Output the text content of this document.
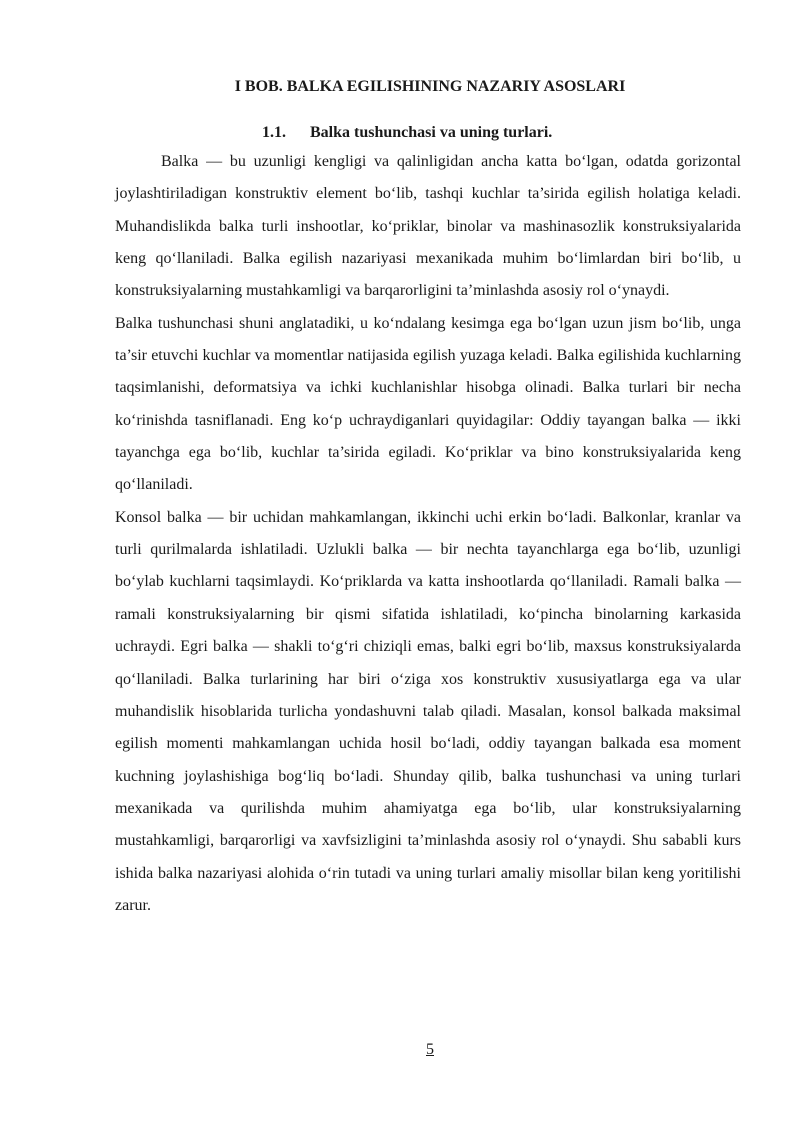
I BOB. BALKA EGILISHINING NAZARIY ASOSLARI
1.1. Balka tushunchasi va uning turlari.

Balka — bu uzunligi kengligi va qalinligidan ancha katta bo‘lgan, odatda gorizontal joylashtiriladigan konstruktiv element bo‘lib, tashqi kuchlar ta’sirida egilish holatiga keladi. Muhandislikda balka turli inshootlar, ko‘priklar, binolar va mashinasozlik konstruksiyalarida keng qo‘llaniladi. Balka egilish nazariyasi mexanikada muhim bo‘limlardan biri bo‘lib, u konstruksiyalarning mustahkamligi va barqarorligini ta’minlashda asosiy rol o‘ynaydi.

Balka tushunchasi shuni anglatadiki, u ko‘ndalang kesimga ega bo‘lgan uzun jism bo‘lib, unga ta’sir etuvchi kuchlar va momentlar natijasida egilish yuzaga keladi. Balka egilishida kuchlarning taqsimlanishi, deformatsiya va ichki kuchlanishlar hisobga olinadi. Balka turlari bir necha ko‘rinishda tasniflanadi. Eng ko‘p uchraydiganlari quyidagilar: Oddiy tayangan balka — ikki tayanchga ega bo‘lib, kuchlar ta’sirida egiladi. Ko‘priklar va bino konstruksiyalarida keng qo‘llaniladi.

Konsol balka — bir uchidan mahkamlangan, ikkinchi uchi erkin bo‘ladi. Balkonlar, kranlar va turli qurilmalarda ishlatiladi. Uzlukli balka — bir nechta tayanchlarga ega bo‘lib, uzunligi bo‘ylab kuchlarni taqsimlaydi. Ko‘priklarda va katta inshootlarda qo‘llaniladi. Ramali balka — ramali konstruksiyalarning bir qismi sifatida ishlatiladi, ko‘pincha binolarning karkasida uchraydi. Egri balka — shakli to‘g‘ri chiziqli emas, balki egri bo‘lib, maxsus konstruksiyalarda qo‘llaniladi. Balka turlarining har biri o‘ziga xos konstruktiv xususiyatlarga ega va ular muhandislik hisoblarida turlicha yondashuvni talab qiladi. Masalan, konsol balkada maksimal egilish momenti mahkamlangan uchida hosil bo‘ladi, oddiy tayangan balkada esa moment kuchning joylashishiga bog‘liq bo‘ladi. Shunday qilib, balka tushunchasi va uning turlari mexanikada va qurilishda muhim ahamiyatga ega bo‘lib, ular konstruksiyalarning mustahkamligi, barqarorligi va xavfsizligini ta’minlashda asosiy rol o‘ynaydi. Shu sababli kurs ishida balka nazariyasi alohida o‘rin tutadi va uning turlari amaliy misollar bilan keng yoritilishi zarur.

5
